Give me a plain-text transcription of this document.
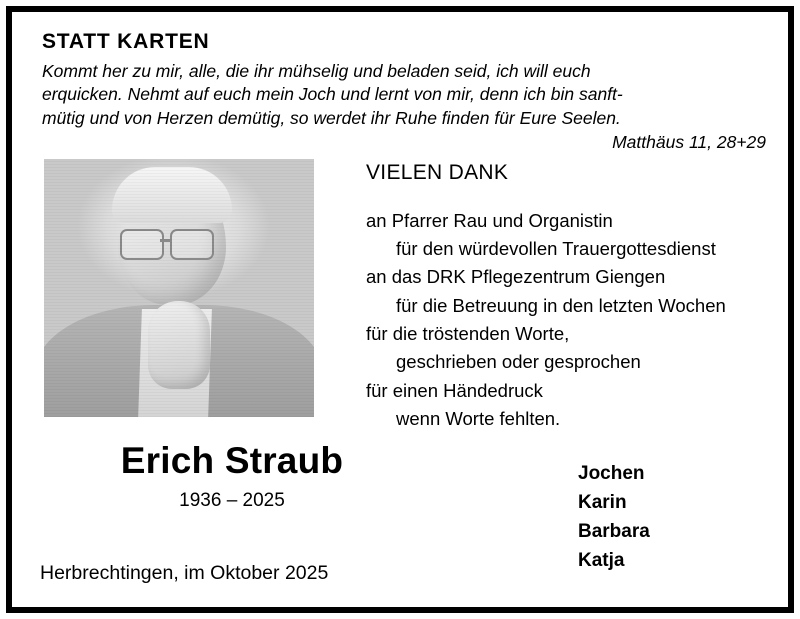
STATT KARTEN
Kommt her zu mir, alle, die ihr mühselig und beladen seid, ich will euch
erquicken. Nehmt auf euch mein Joch und lernt von mir, denn ich bin sanft-
mütig und von Herzen demütig, so werdet ihr Ruhe finden für Eure Seelen.
Matthäus 11, 28+29
VIELEN DANK
an Pfarrer Rau und Organistin
für den würdevollen Trauergottesdienst
an das DRK Pflegezentrum Giengen
für die Betreuung in den letzten Wochen
für die tröstenden Worte,
geschrieben oder gesprochen
für einen Händedruck
wenn Worte fehlten.
Erich Straub
1936 – 2025
Jochen
Karin
Barbara
Katja
Herbrechtingen, im Oktober 2025
